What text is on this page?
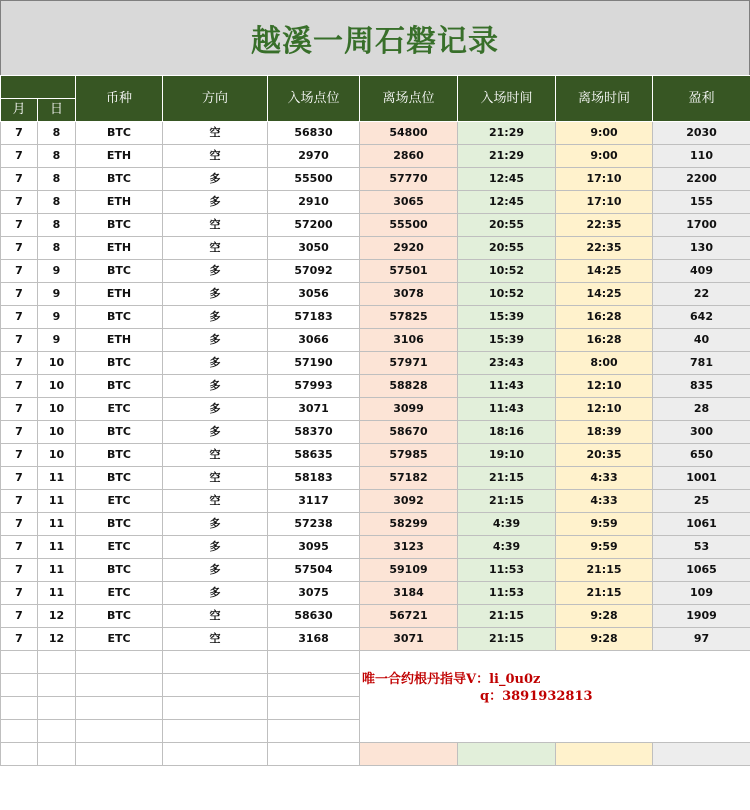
越溪一周石磐记录
		币种	方向	入场点位	离场点位	入场时间	离场时间	盈利
月	日							
7	8	BTC	空	56830	54800	21:29	9:00	2030
7	8	ETH	空	2970	2860	21:29	9:00	110
7	8	BTC	多	55500	57770	12:45	17:10	2200
7	8	ETH	多	2910	3065	12:45	17:10	155
7	8	BTC	空	57200	55500	20:55	22:35	1700
7	8	ETH	空	3050	2920	20:55	22:35	130
7	9	BTC	多	57092	57501	10:52	14:25	409
7	9	ETH	多	3056	3078	10:52	14:25	22
7	9	BTC	多	57183	57825	15:39	16:28	642
7	9	ETH	多	3066	3106	15:39	16:28	40
7	10	BTC	多	57190	57971	23:43	8:00	781
7	10	BTC	多	57993	58828	11:43	12:10	835
7	10	ETC	多	3071	3099	11:43	12:10	28
7	10	BTC	多	58370	58670	18:16	18:39	300
7	10	BTC	空	58635	57985	19:10	20:35	650
7	11	BTC	空	58183	57182	21:15	4:33	1001
7	11	ETC	空	3117	3092	21:15	4:33	25
7	11	BTC	多	57238	58299	4:39	9:59	1061
7	11	ETC	多	3095	3123	4:39	9:59	53
7	11	BTC	多	57504	59109	11:53	21:15	1065
7	11	ETC	多	3075	3184	11:53	21:15	109
7	12	BTC	空	58630	56721	21:15	9:28	1909
7	12	ETC	空	3168	3071	21:15	9:28	97

					唯一合约根丹指导V：li_0u0z
q：3891932813			
